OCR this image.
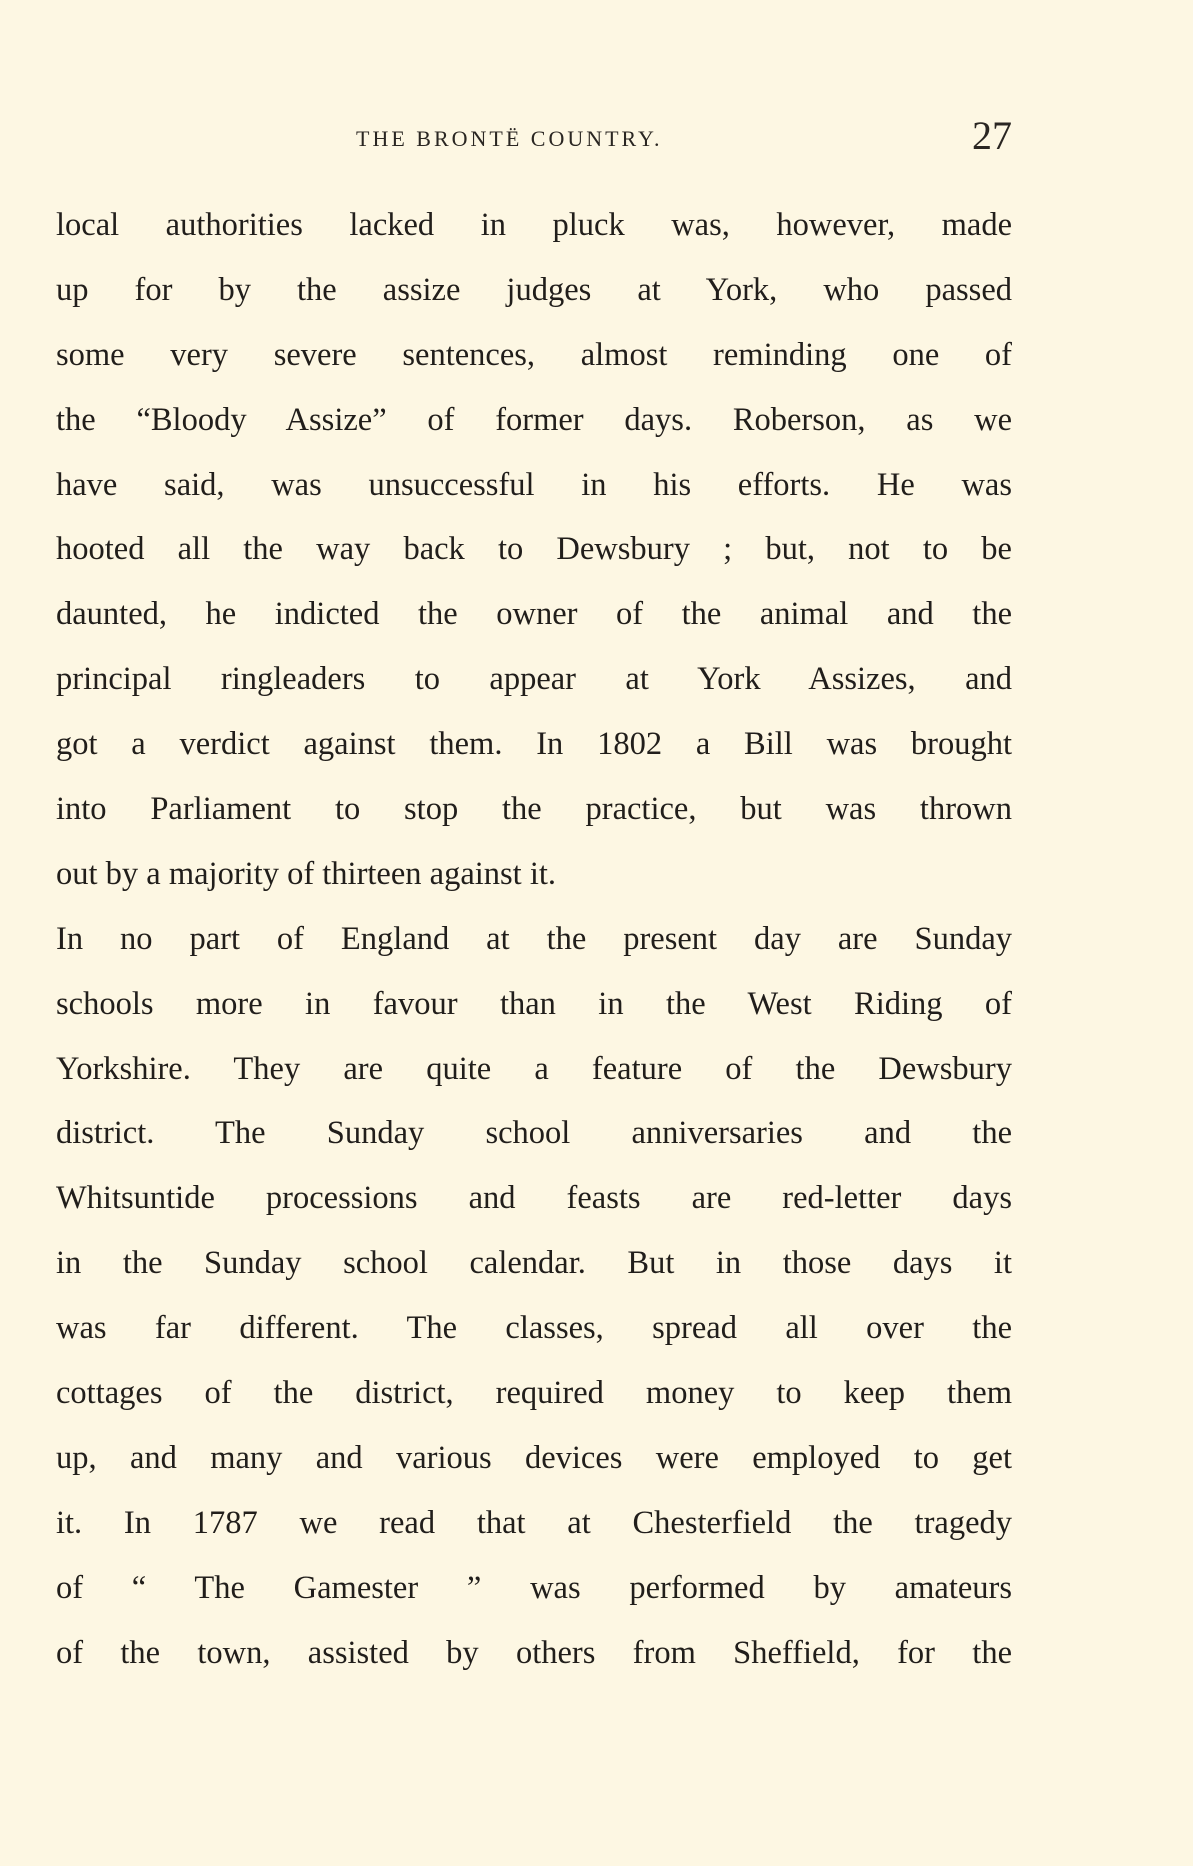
THE BRONTË COUNTRY.	27
local authorities lacked in pluck was, however, made
up for by the assize judges at York, who passed
some very severe sentences, almost reminding one of
the “Bloody Assize” of former days. Roberson, as we
have said, was unsuccessful in his efforts. He was
hooted all the way back to Dewsbury ; but, not to be
daunted, he indicted the owner of the animal and the
principal ringleaders to appear at York Assizes, and
got a verdict against them. In 1802 a Bill was brought
into Parliament to stop the practice, but was thrown
out by a majority of thirteen against it.
In no part of England at the present day are Sunday
schools more in favour than in the West Riding of
Yorkshire. They are quite a feature of the Dewsbury
district. The Sunday school anniversaries and the
Whitsuntide processions and feasts are red-letter days
in the Sunday school calendar. But in those days it
was far different. The classes, spread all over the
cottages of the district, required money to keep them
up, and many and various devices were employed to get
it. In 1787 we read that at Chesterfield the tragedy
of “ The Gamester ” was performed by amateurs
of the town, assisted by others from Sheffield, for the
